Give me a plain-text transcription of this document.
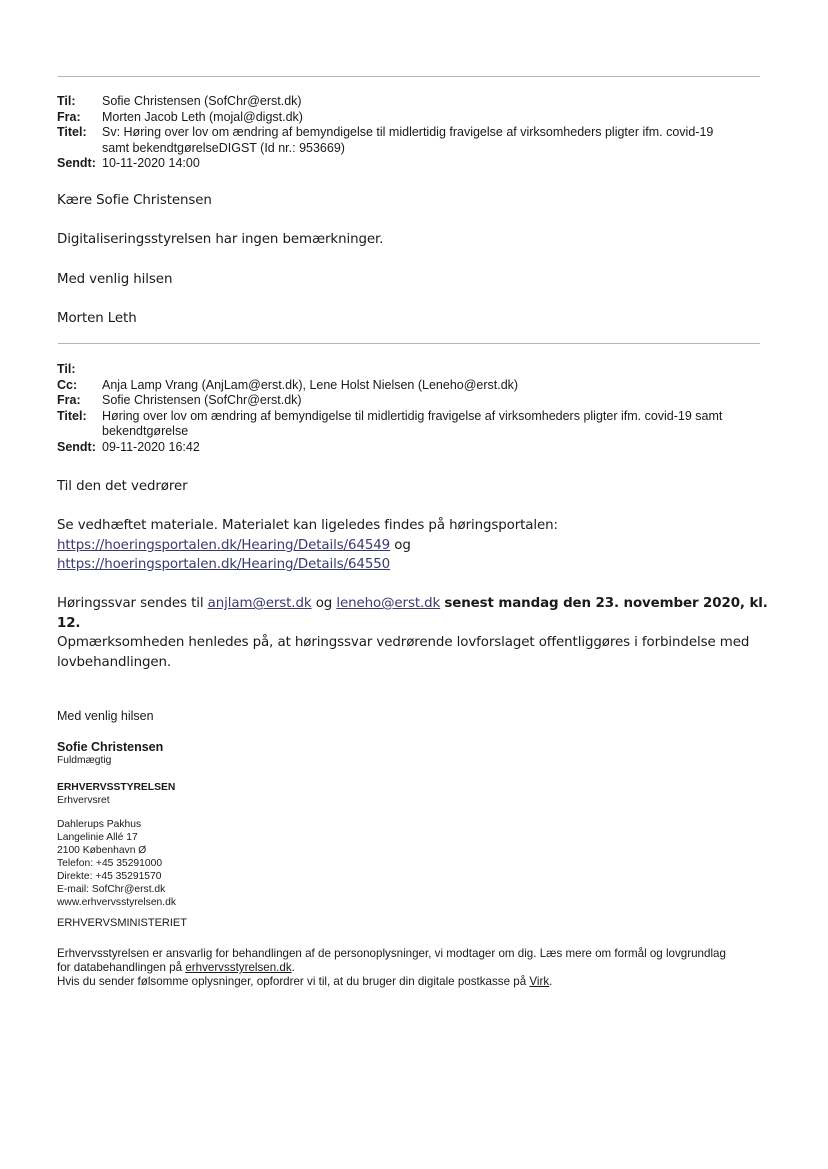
Til:	Sofie Christensen (SofChr@erst.dk)
Fra:	Morten Jacob Leth (mojal@digst.dk)
Titel:	Sv: Høring over lov om ændring af bemyndigelse til midlertidig fravigelse af virksomheders pligter ifm. covid-19
samt bekendtgørelseDIGST (Id nr.: 953669)
Sendt: 10-11-2020 14:00
Kære Sofie Christensen
Digitaliseringsstyrelsen har ingen bemærkninger.
Med venlig hilsen
Morten Leth
Til:
Cc:	Anja Lamp Vrang (AnjLam@erst.dk), Lene Holst Nielsen (Leneho@erst.dk)
Fra:	Sofie Christensen (SofChr@erst.dk)
Titel:	Høring over lov om ændring af bemyndigelse til midlertidig fravigelse af virksomheders pligter ifm. covid-19 samt
bekendtgørelse
Sendt: 09-11-2020 16:42
Til den det vedrører
Se vedhæftet materiale. Materialet kan ligeledes findes på høringsportalen:
https://hoeringsportalen.dk/Hearing/Details/64549 og
https://hoeringsportalen.dk/Hearing/Details/64550
Høringssvar sendes til anjlam@erst.dk og leneho@erst.dk senest mandag den 23. november 2020, kl. 12.
Opmærksomheden henledes på, at høringssvar vedrørende lovforslaget offentliggøres i forbindelse med
lovbehandlingen.
Med venlig hilsen
Sofie Christensen
Fuldmægtig
ERHVERVSSTYRELSEN
Erhvervsret
Dahlerups Pakhus
Langelinie Allé 17
2100 København Ø
Telefon: +45 35291000
Direkte: +45 35291570
E-mail: SofChr@erst.dk
www.erhvervsstyrelsen.dk
ERHVERVSMINISTERIET
Erhvervsstyrelsen er ansvarlig for behandlingen af de personoplysninger, vi modtager om dig. Læs mere om formål og lovgrundlag
for databehandlingen på erhvervsstyrelsen.dk.
Hvis du sender følsomme oplysninger, opfordrer vi til, at du bruger din digitale postkasse på Virk.
